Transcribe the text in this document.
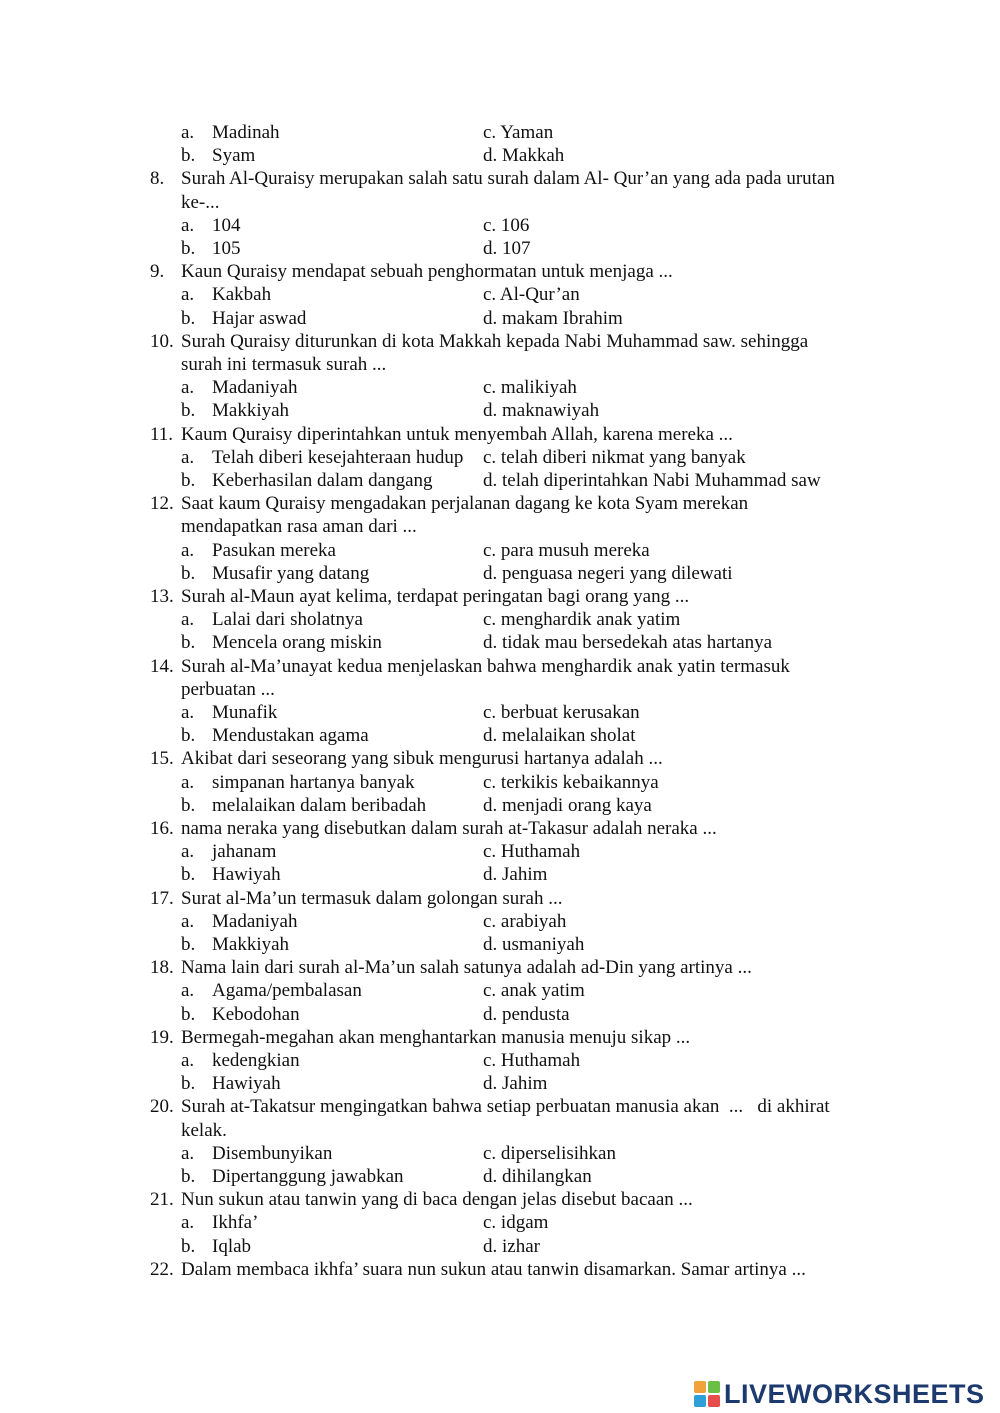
a. Madinah	c. Yaman
b. Syam	d. Makkah
8. Surah Al-Quraisy merupakan salah satu surah dalam Al- Qur’an yang ada pada urutan
ke-...
a. 104	c. 106
b. 105	d. 107
9. Kaun Quraisy mendapat sebuah penghormatan untuk menjaga ...
a. Kakbah	c. Al-Qur’an
b. Hajar aswad	d. makam Ibrahim
10. Surah Quraisy diturunkan di kota Makkah kepada Nabi Muhammad saw. sehingga
surah ini termasuk surah ...
a. Madaniyah	c. malikiyah
b. Makkiyah	d. maknawiyah
11. Kaum Quraisy diperintahkan untuk menyembah Allah, karena mereka ...
a. Telah diberi kesejahteraan hudup c. telah diberi nikmat yang banyak
b. Keberhasilan dalam dangang	d. telah diperintahkan Nabi Muhammad saw
12. Saat kaum Quraisy mengadakan perjalanan dagang ke kota Syam merekan
mendapatkan rasa aman dari ...
a. Pasukan mereka	c. para musuh mereka
b. Musafir yang datang	d. penguasa negeri yang dilewati
13. Surah al-Maun ayat kelima, terdapat peringatan bagi orang yang ...
a. Lalai dari sholatnya	c. menghardik anak yatim
b. Mencela orang miskin	d. tidak mau bersedekah atas hartanya
14. Surah al-Ma’unayat kedua menjelaskan bahwa menghardik anak yatin termasuk
perbuatan ...
a. Munafik	c. berbuat kerusakan
b. Mendustakan agama	d. melalaikan sholat
15. Akibat dari seseorang yang sibuk mengurusi hartanya adalah ...
a. simpanan hartanya banyak	c. terkikis kebaikannya
b. melalaikan dalam beribadah	d. menjadi orang kaya
16. nama neraka yang disebutkan dalam surah at-Takasur adalah neraka ...
a. jahanam	c. Huthamah
b. Hawiyah	d. Jahim
17. Surat al-Ma’un termasuk dalam golongan surah ...
a. Madaniyah	c. arabiyah
b. Makkiyah	d. usmaniyah
18. Nama lain dari surah al-Ma’un salah satunya adalah ad-Din yang artinya ...
a. Agama/pembalasan	c. anak yatim
b. Kebodohan	d. pendusta
19. Bermegah-megahan akan menghantarkan manusia menuju sikap ...
a. kedengkian	c. Huthamah
b. Hawiyah	d. Jahim
20. Surah at-Takatsur mengingatkan bahwa setiap perbuatan manusia akan  ...   di akhirat
kelak.
a. Disembunyikan	c. diperselisihkan
b. Dipertanggung jawabkan	d. dihilangkan
21. Nun sukun atau tanwin yang di baca dengan jelas disebut bacaan ...
a. Ikhfa’	c. idgam
b. Iqlab	d. izhar
22. Dalam membaca ikhfa’ suara nun sukun atau tanwin disamarkan. Samar artinya ...
LIVEWORKSHEETS
